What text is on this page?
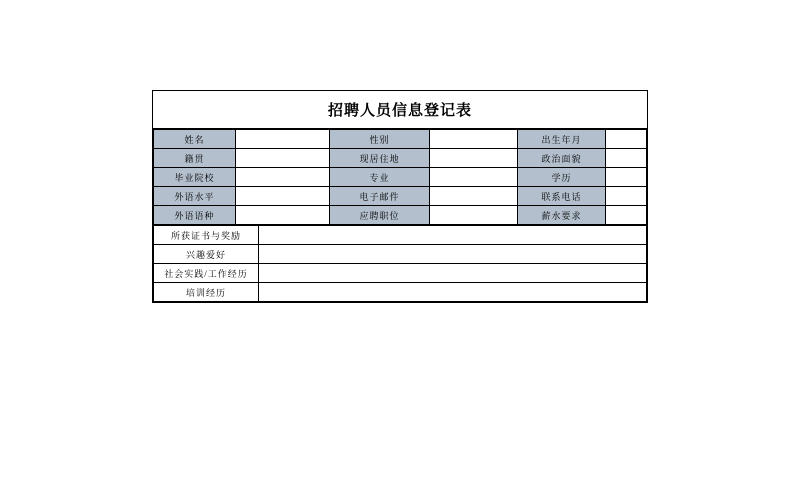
招聘人员信息登记表
姓名		性别		出生年月	
籍贯		现居住地		政治面貌	
毕业院校		专业		学历	
外语水平		电子邮件		联系电话	
外语语种		应聘职位		薪水要求	
所获证书与奖励	
兴趣爱好	
社会实践/工作经历	
培训经历	
